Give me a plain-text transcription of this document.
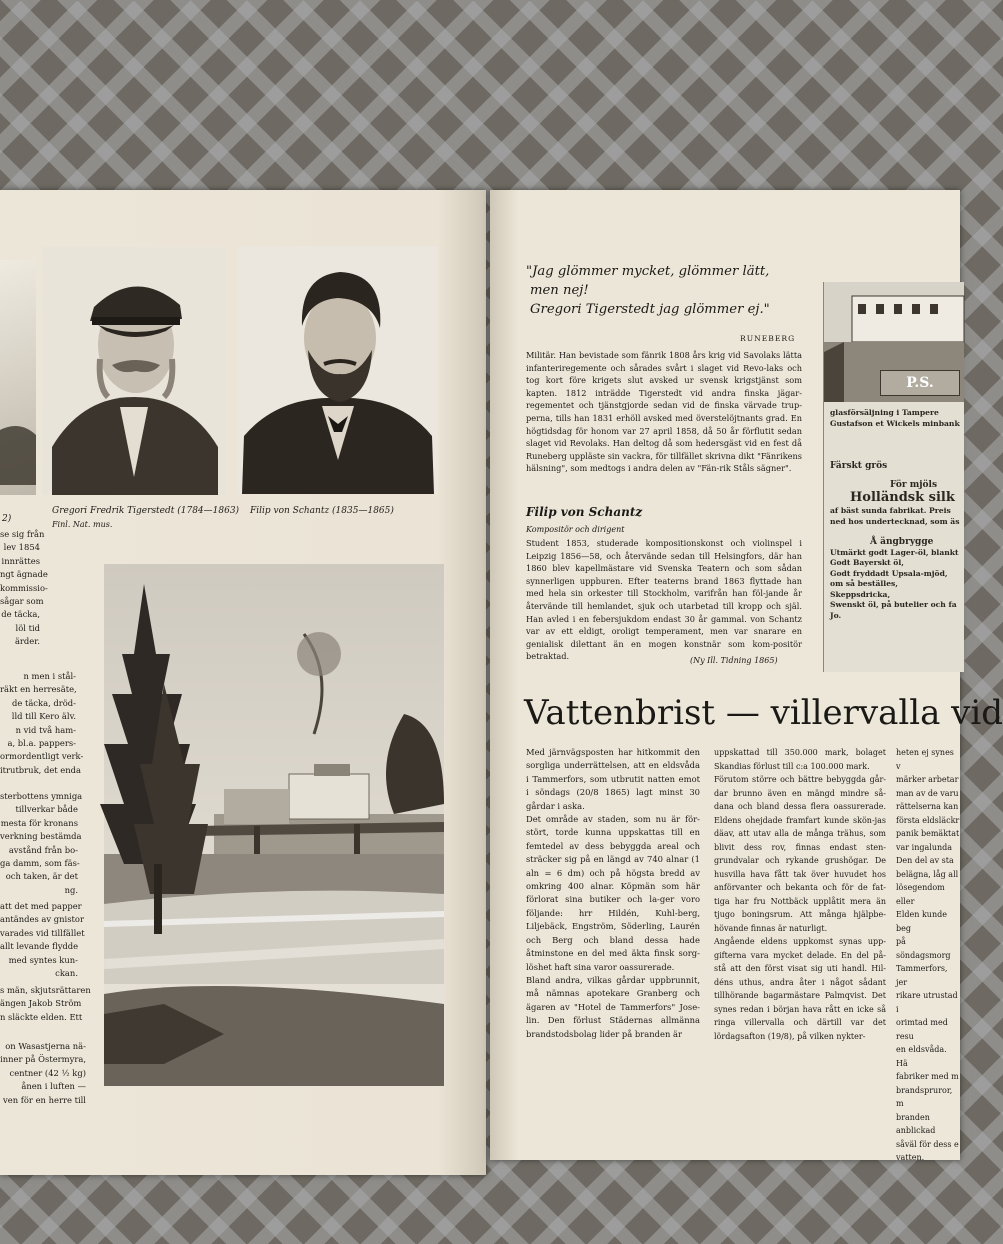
2)
Gregori Fredrik Tigerstedt (1784—1863)
Finl. Nat. mus.
Filip von Schantz (1835—1865)

se sig från

lev 1854

innrättes

ngt ägnade

kommissio-

sågar som

de täcka,

löl tid

ärder.

n men i stål-

räkt en herresäte,

de täcka, dröd-

lld till Kero älv.

n vid två ham-

a, bl.a. pappers-

ormordentligt verk-

itrutbruk, det enda

sterbottens ymniga

tillverkar både

mesta för kronans

verkning bestämda

avstånd från bo-

ga damm, som fäs-

och taken, är det

ng.

att det med papper

antändes av gnistor

varades vid tillfället

allt levande flydde

med syntes kun-

ckan.

s män, skjutsrättaren

ängen Jakob Ström

n släckte elden. Ett

on Wasastjerna nä-

inner på Östermyra,

centner (42 ½ kg)

ånen i luften —

ven för en herre till

"Jag glömmer mycket, glömmer lätt,
men nej!
Gregori Tigerstedt jag glömmer ej."
RUNEBERG

Militär. Han bevistade som fänrik 1808 års krig vid Savolaks lätta infanteriregemente och sårades svårt i slaget vid Revo-laks och tog kort före krigets slut avsked ur svensk krigstjänst som kapten. 1812 inträdde Tigerstedt vid andra finska jägar-regementet och tjänstgjorde sedan vid de finska värvade trup-perna, tills han 1831 erhöll avsked med överstelöjtnants grad. En högtidsdag för honom var 27 april 1858, då 50 år förflutit sedan slaget vid Revolaks. Han deltog då som hedersgäst vid en fest då Runeberg uppläste sin vackra, för tillfället skrivna dikt "Fänrikens hälsning", som medtogs i andra delen av "Fän-rik Ståls sägner".

Filip von Schantz
Kompositör och dirigent

Student 1853, studerade kompositionskonst och violinspel i Leipzig 1856—58, och återvände sedan till Helsingfors, där han 1860 blev kapellmästare vid Svenska Teatern och som sådan synnerligen uppburen. Efter teaterns brand 1863 flyttade han med hela sin orkester till Stockholm, varifrån han föl-jande år återvände till hemlandet, sjuk och utarbetad till kropp och själ. Han avled i en febersjukdom endast 30 år gammal. von Schantz var av ett eldigt, oroligt temperament, men var snarare en genialisk dilettant än en mogen konstnär som kom-positör betraktad.	(Ny Ill. Tidning 1865)
P.S.
glasförsäljning i Tampere
Gustafson et Wickels minbank
Färskt grös
För mjöls
Holländsk silk
af bäst sunda fabrikat. Preis
ned hos undertecknad, som äs
Å ängbrygge
Utmärkt godt Lager-öl, blankt
Godt Bayerskt öl,
Godt fryddadt Upsala-mjöd,
om så beställes,
Skeppsdricka,
Swenskt öl, på butelier och fa
Jo.
Vattenbrist — villervalla vid
Med järnvägsposten har hitkommit den sorgliga underrättelsen, att en eldsvåda i Tammerfors, som utbrutit natten emot i söndags (20/8 1865) lagt minst 30 gårdar i aska.
Det område av staden, som nu är för-stört, torde kunna uppskattas till en femtedel av dess bebyggda areal och sträcker sig på en längd av 740 alnar (1 aln = 6 dm) och på högsta bredd av omkring 400 alnar. Köpmän som här förlorat sina butiker och la-ger voro följande: hrr Hildén, Kuhl-berg, Liljebäck, Engström, Söderling, Laurén och Berg och bland dessa hade åtminstone en del med äkta finsk sorg-löshet haft sina varor oassurerade.
Bland andra, vilkas gårdar uppbrunnit, må nämnas apotekare Granberg och ägaren av "Hotel de Tammerfors" Jose-lin. Den förlust Städernas allmänna brandstodsbolag lider på branden är
uppskattad till 350.000 mark, bolaget Skandias förlust till c:a 100.000 mark.
Förutom större och bättre bebyggda går-dar brunno även en mängd mindre så-dana och bland dessa flera oassurerade. Eldens ohejdade framfart kunde skön-jas däav, att utav alla de många trähus, som blivit dess rov, finnas endast sten-grundvalar och rykande grushögar. De husvilla hava fått tak över huvudet hos anförvanter och bekanta och för de fat-tiga har fru Nottbäck upplåtit mera än tjugo boningsrum. Att många hjälpbe-hövande finnas är naturligt.
Angående eldens uppkomst synas upp-gifterna vara mycket delade. En del på-stå att den först visat sig uti handl. Hil-déns uthus, andra åter i något sådant tillhörande bagarmästare Palmqvist. Det synes redan i början hava rått en icke så ringa villervalla och därtill var det lördagsafton (19/8), på vilken nykter-
heten ej synes v
märker arbetar
man av de varu
rättelserna kan
första eldsläckr
panik bemäktat
var ingalunda
Den del av sta
belägna, låg all
lösegendom eller
Elden kunde beg
på söndagsmorg
Tammerfors, jer
rikare utrustad i
orimtad med resu
en eldsvåda. Hä
fabriker med m
brandspruror, m
branden anblickad
såväl för dess e
vatten.
